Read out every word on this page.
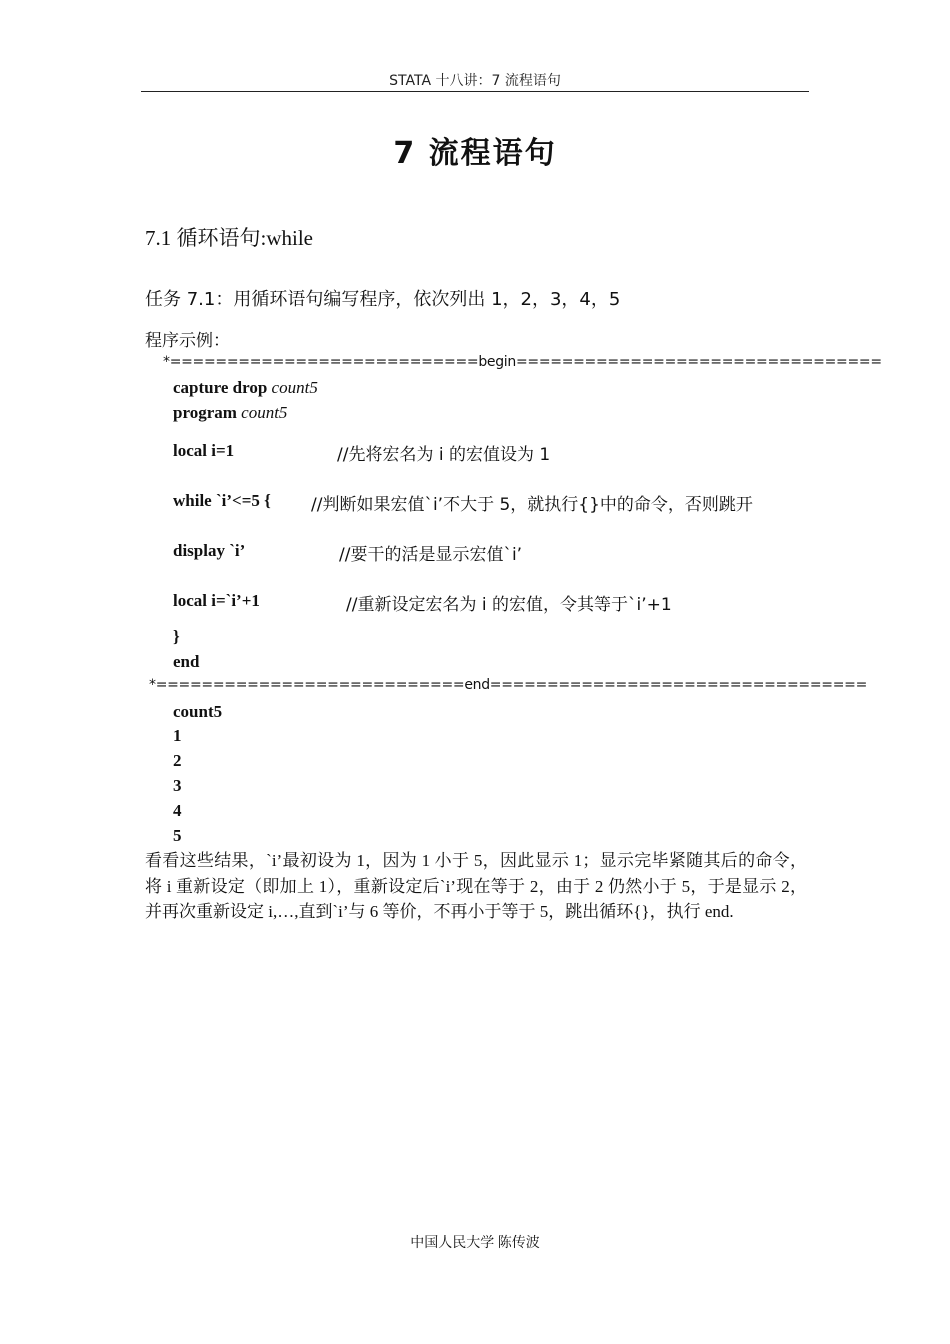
STATA 十八讲：7 流程语句
7 流程语句
7.1 循环语句:while
任务 7.1：用循环语句编写程序，依次列出 1，2，3，4，5
程序示例：
*===========================begin================================
capture drop count5
program count5
local i=1	//先将宏名为 i 的宏值设为 1
while `i’<=5 { //判断如果宏值`i’不大于 5，就执行{}中的命令，否则跳开
display `i’	//要干的活是显示宏值`i’
local i=`i’+1	//重新设定宏名为 i 的宏值，令其等于`i’+1
}
end
*===========================end=================================
count5
1
2
3
4
5
看看这些结果，`i’最初设为 1，因为 1 小于 5，因此显示 1；显示完毕紧随其后的命令，将 i 重新设定（即加上 1），重新设定后`i’现在等于 2，由于 2 仍然小于 5，于是显示 2，并再次重新设定 i,…,直到`i’与 6 等价，不再小于等于 5，跳出循环{}，执行 end.
中国人民大学 陈传波
